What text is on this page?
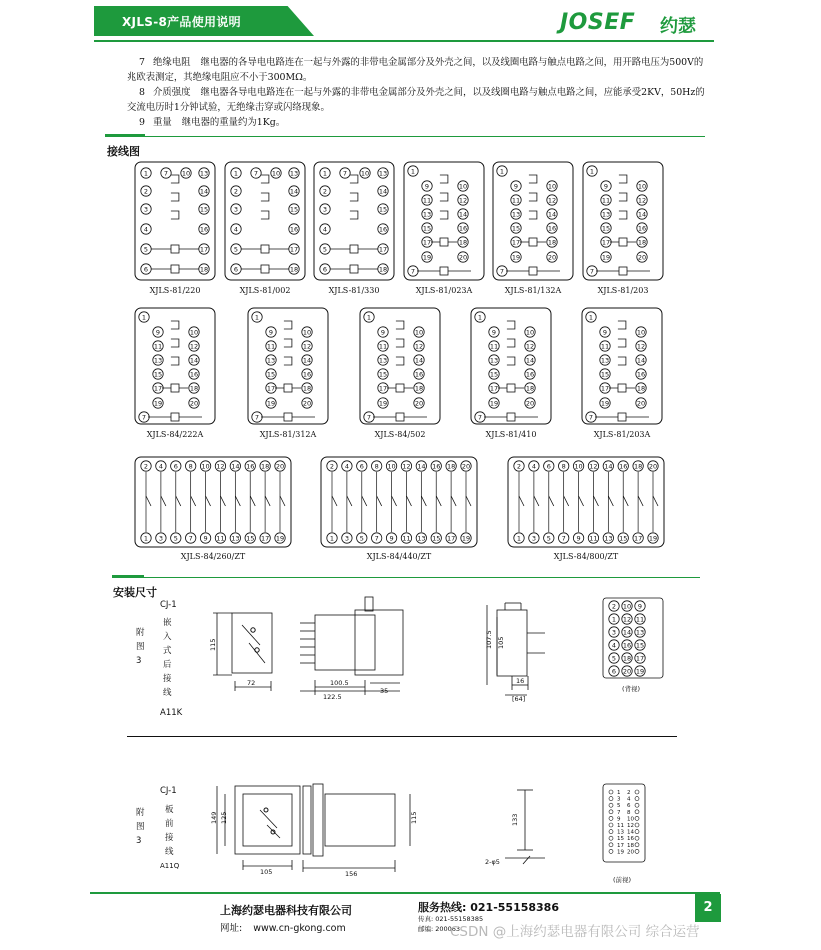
XJLS-8产品使用说明	JOSEF 约瑟
7 绝缘电阻 继电器的各导电电路连在一起与外露的非带电金属部分及外壳之间，以及线圈电路与触点电路之间，用开路电压为500V的兆欧表测定，其绝缘电阻应不小于300MΩ。
8 介质强度 继电器各导电电路连在一起与外露的非带电金属部分及外壳之间，以及线圈电路与触点电路之间，应能承受2KV，50Hz的交流电历时1分钟试验，无绝缘击穿或闪络现象。
9 重量 继电器的重量约为1Kg。
接线图
安装尺寸
CJ-1
附图3
嵌入式后接线
A11K
115
72	100.5
122.5
35
107.5 105
16
[64]
(背视)
2 10 9
1 12 11
3 14 13
4 16 15
5 18 17
6 20 19
CJ-1
附图3
板前接线
A11Q
149 125
105	156
115	133
2-φ5
(前视)
1 2
3 4
5 6
7 8
9 10
11 12
13 14
15 16
17 18
19 20
上海约瑟电器科技有限公司
网址: www.cn-gkong.com
服务热线: 021-55158386
传真: 021-55158385
邮编: 200063
2
CSDN @上海约瑟电器有限公司 综合运营
1	13
2	14
3	15
4	16
5	17
6	18
7 10
XJLS-81/220
1	13
2	14
3	15
4	16
5	17
6	18
7 10
XJLS-81/002
1	13
2	14
3	15
4	16
5	17
6	18
7 10
XJLS-81/330
1
9
11
13
15
17
19
7
10
12
14
16
18
20
XJLS-81/023A
1
9
11
13
15
17
19
7
10
12
14
16
18
20
XJLS-81/132A
1
9
11
13
15
17
19
7
10
12
14
16
18
20
XJLS-81/203
1
9
11
13
15
17
19
7
10
12
14
16
18
20
XJLS-84/222A
1
9
11
13
15
17
19
7
10
12
14
16
18
20
XJLS-81/312A
1
9
11
13
15
17
19
7
10
12
14
16
18
20
XJLS-84/502
1
9
11
13
15
17
19
7
10
12
14
16
18
20
XJLS-81/410
1
9
11
13
15
17
19
7
10
12
14
16
18
20
XJLS-81/203A
2
1
4
3
6
5
8
7
10
9
12
11
14
13
16
15
18
17
20
19
XJLS-84/260/ZT
2
1
4
3
6
5
8
7
10
9
12
11
14
13
16
15
18
17
20
19
XJLS-84/440/ZT
2
1
4
3
6
5
8
7
10
9
12
11
14
13
16
15
18
17
20
19
XJLS-84/800/ZT
